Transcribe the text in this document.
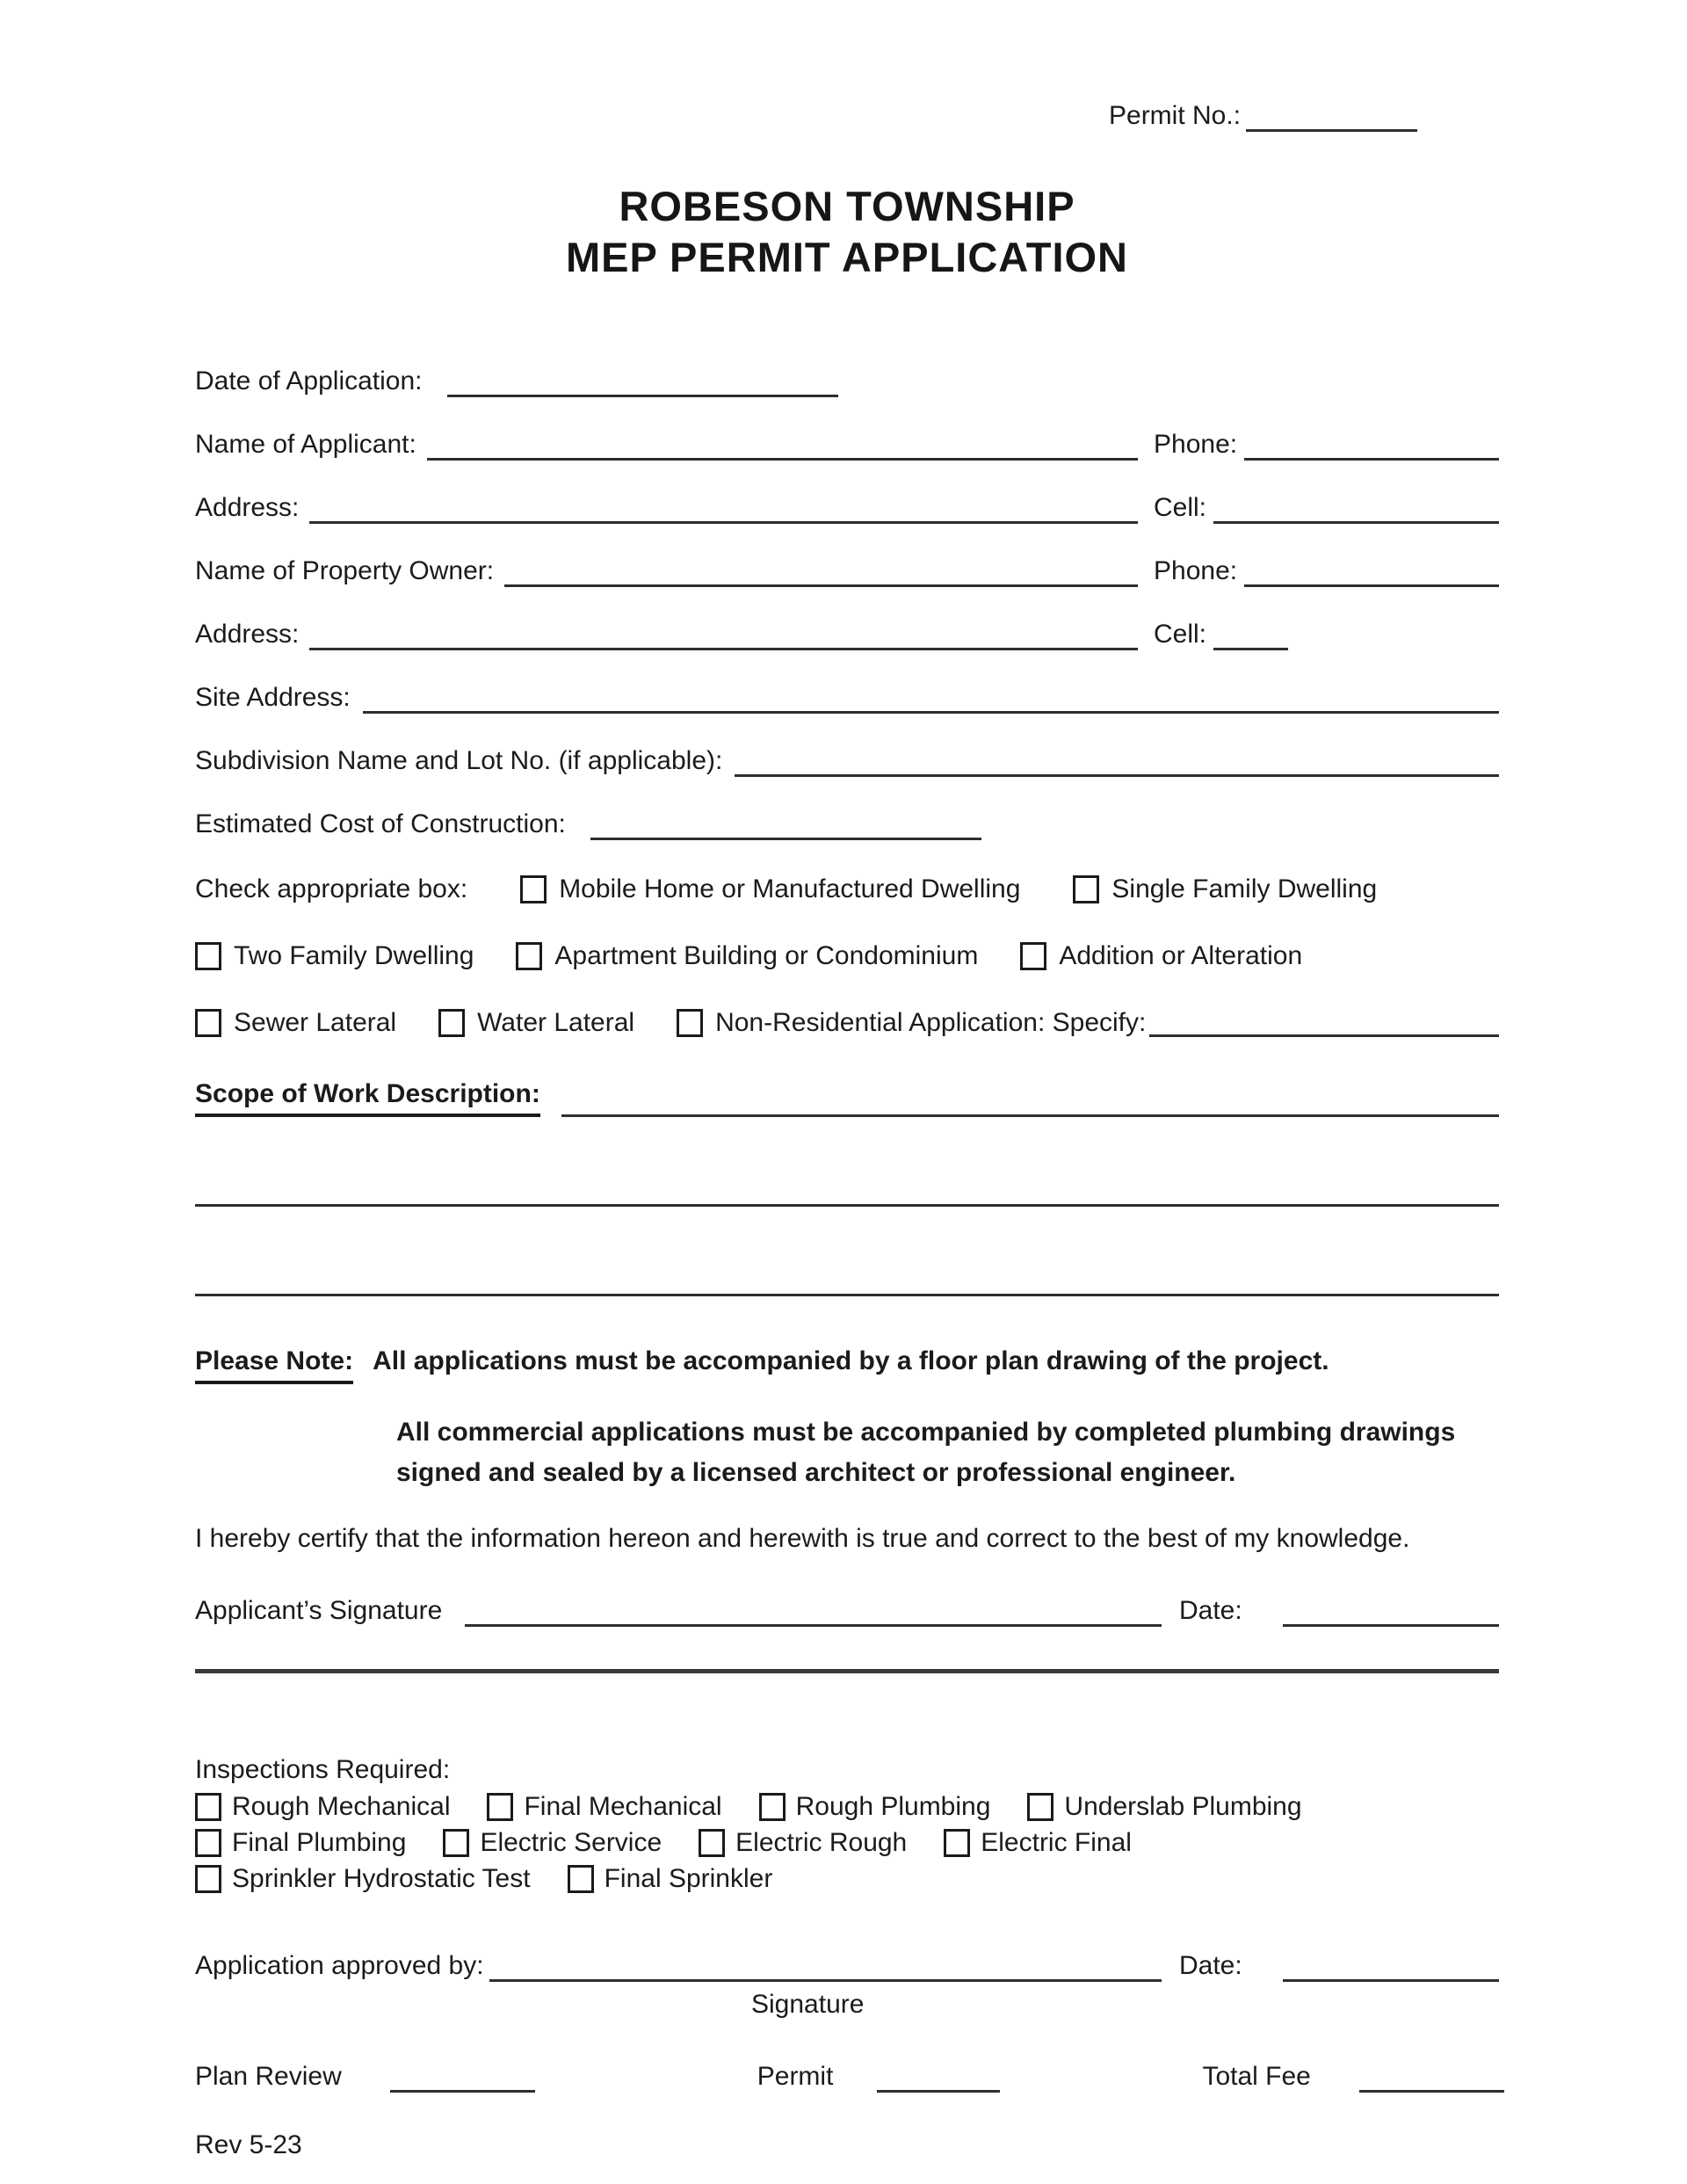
Permit No.:
ROBESON TOWNSHIP
MEP PERMIT APPLICATION
Date of Application:
Name of Applicant:	Phone:
Address:	Cell:
Name of Property Owner:	Phone:
Address:	Cell:
Site Address:
Subdivision Name and Lot No. (if applicable):
Estimated Cost of Construction:
Check appropriate box:	Mobile Home or Manufactured Dwelling	Single Family Dwelling
Two Family Dwelling	Apartment Building or Condominium	Addition or Alteration
Sewer Lateral	Water Lateral	Non-Residential Application: Specify:
Scope of Work Description:
Please Note: All applications must be accompanied by a floor plan drawing of the project.
All commercial applications must be accompanied by completed plumbing drawings signed and sealed by a licensed architect or professional engineer.
I hereby certify that the information hereon and herewith is true and correct to the best of my knowledge.
Applicant’s Signature	Date:
Inspections Required:
Rough Mechanical	Final Mechanical	Rough Plumbing	Underslab Plumbing
Final Plumbing	Electric Service	Electric Rough	Electric Final
Sprinkler Hydrostatic Test	Final Sprinkler
Application approved by:	Date:
Signature
Plan Review	Permit	Total Fee
Rev 5-23
